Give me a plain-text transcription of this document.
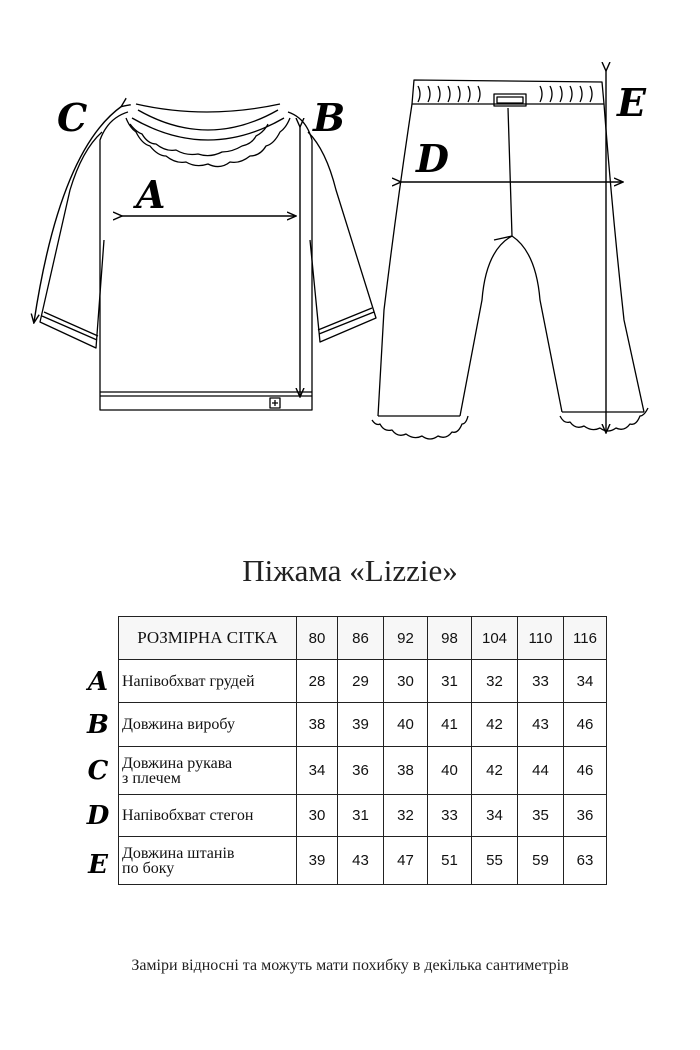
C
A
B
D
E
Піжама «Lizzie»
A
B
C
D
E
РОЗМІРНА СІТКА	80	86	92	98	104	110	116
Напівобхват грудей	28	29	30	31	32	33	34
Довжина виробу	38	39	40	41	42	43	46
Довжина рукава
з плечем	34	36	38	40	42	44	46
Напівобхват стегон	30	31	32	33	34	35	36
Довжина штанів
по боку	39	43	47	51	55	59	63
Заміри відносні та можуть мати похибку в декілька сантиметрів
